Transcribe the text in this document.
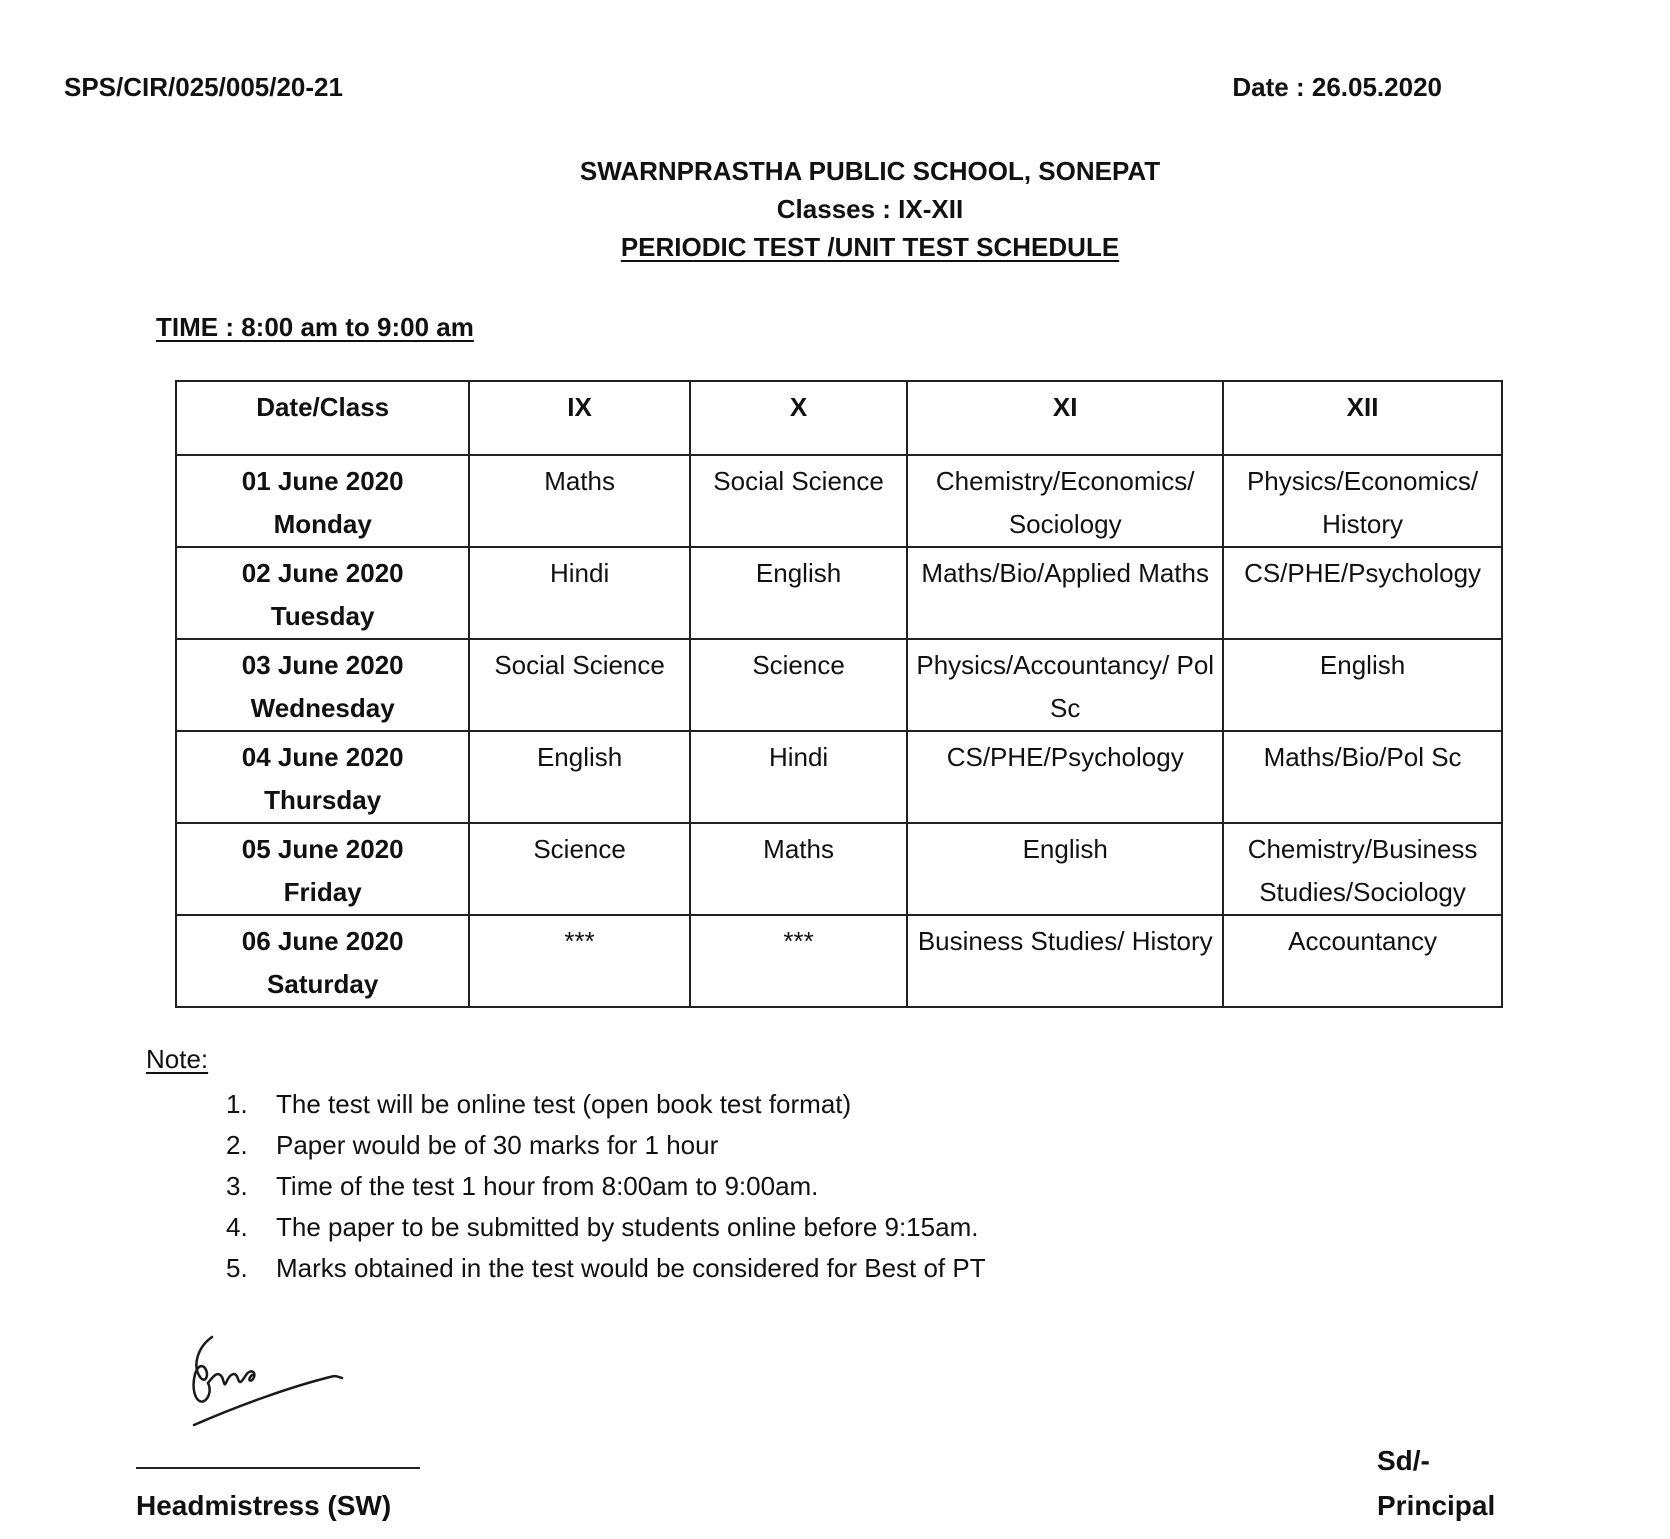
SPS/CIR/025/005/20-21	Date : 26.05.2020
SWARNPRASTHA PUBLIC SCHOOL, SONEPAT
Classes : IX-XII
PERIODIC TEST /UNIT TEST SCHEDULE
TIME : 8:00 am to 9:00 am
Date/Class	IX	X	XI	XII

01 June 2020
Monday	Maths	Social Science	Chemistry/Economics/ Sociology	Physics/Economics/ History

02 June 2020
Tuesday	Hindi	English	Maths/Bio/Applied Maths	CS/PHE/Psychology

03 June 2020
Wednesday	Social Science	Science	Physics/Accountancy/ Pol Sc	English

04 June 2020
Thursday	English	Hindi	CS/PHE/Psychology	Maths/Bio/Pol Sc

05 June 2020
Friday	Science	Maths	English	Chemistry/Business Studies/Sociology

06 June 2020
Saturday	***	***	Business Studies/ History	Accountancy
Note:
1.	The test will be online test (open book test format)
2.	Paper would be of 30 marks for 1 hour
3.	Time of the test 1 hour from 8:00am to 9:00am.
4.	The paper to be submitted by students online before 9:15am.
5.	Marks obtained in the test would be considered for Best of PT
Headmistress (SW)
Sd/-
Principal
